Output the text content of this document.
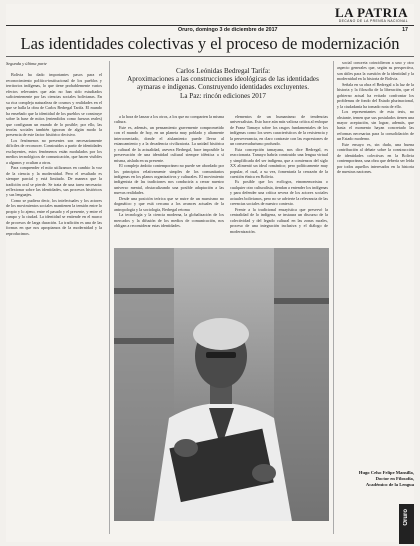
LA PATRIA
DECANO DE LA PRENSA NACIONAL
Oruro, domingo 3 de diciembre de 2017	17
Las identidades colectivas y el proceso de modernización

Segunda y última parte

Bolivia ha dado importantes pasos para el reconocimiento político-institucional de los pueblos y territorios indígenas, lo que tiene probablemente varios efectos relevantes que aún no han sido estudiados suficientemente por las ciencias sociales bolivianas. En su rica compleja naturaleza de cosmos y realidades en el que se halla la obra de Carlos Bedregal Tarifa. El mundo ha enseñado que la identidad de los pueblos se construye sobre la base de mitos (entendidos como fuerzas reales) que configuran un mundo de lo posible; por ello, las teorías sociales también ignoran de algún modo la presencia de este factor histórico decisivo.

Los fenómenos no presentes son necesariamente difíciles de reconocer. Construidos a partir de identidades excluyentes, estos fenómenos están modulados por los medios tecnológicos de comunicación, que hacen visibles a algunos y ocultan a otros.

Para comprender el mito utilizamos en cambio la voz de la ciencia y la modernidad. Pero el resultado es siempre parcial y está limitado. De manera que la tradición oral se pierde. Se trata de una tarea necesaria: reflexionar sobre las identidades, sus procesos históricos y sus lenguajes.

Como se pudiera decir, los intelectuales y los actores de los movimientos sociales mantienen la tensión entre lo propio y lo ajeno, entre el pasado y el presente, y entre el campo y la ciudad. La identidad se entiende en el marco de procesos de larga duración. La tradición es una de las formas en que nos apropiamos de la modernidad y la reproducimos.

Carlos Leónidas Bedregal Tarifa:
Aproximaciones a las construcciones ideológicas de las identidades
aymaras e indígenas. Construyendo identidades excluyentes.
La Paz: rincón ediciones 2017

a la hora de lanzar a los otros, a los que no comparten la misma cultura.

Este es, además, un pensamiento gravemente comprometido con el mundo de hoy, en un planeta muy poblado y altamente interconectado, donde el aislamiento puede llevar al estancamiento y a la decadencia civilizatoria. La unidad histórica y cultural de la actualidad, asevera Bedregal, hace imposible la preservación de una identidad cultural siempre idéntica a sí misma, aislada en su presente.

El complejo ámbito contemporáneo no puede ser abordado por los principios relativamente simples de los comunitarios indígenas en los planos organizativos y culturales. El movimiento indigenista de las tradiciones nos conduciría a cerrar nuestro universo mental, obstaculizando una posible adaptación a las nuevas realidades.

Desde una posición teórica que se nutre de un marxismo no dogmático y que está cercana a los avances actuales de la antropología y la sociología, Bedregal retoma

La tecnología y la ciencia moderna, la globalización de los mercados y la difusión de los medios de comunicación, nos obligan a reconsiderar estas identidades.

elementos de un humanismo de tendencias universalistas. Esto hace aún más valiosa crítica al enfoque de Franz Tamayo sobre los rasgos fundamentales de los indígenas como los seres característicos de la resistencia y la perseverancia, en claro contraste con las expresiones de un conservadurismo profundo.

Esta concepción tamayana, nos dice Bedregal, es reaccionaria. Tamayo habría construido una lengua virtual y simplificada del ser indígena, que a comienzos del siglo XX alimentó un ideal romántico; pero políticamente muy popular, el cual, a su vez, fomentaría la cerrazón de la cuestión étnica en Bolivia.

Es posible que los ecólogos, etnomemoristas o cualquier otro culturalista, tiendan a entender los indígenas y para defender una crítica severa de los actores sociales actuales bolivianos, pero no se advierte la relevancia de las creencias sociales de nuestro contexto.

Frente a la tradicional ensayística que preservó la centralidad de lo indígena, se instaura un discurso de la colectividad y del legado cultural en las zonas rurales, proceso de una integración inclusiva y el diálogo de modernización.

social concreta coincidieron a uno y otro aspecto generales que, según su perspectiva, son útiles para la cuestión de la identidad y la modernidad en la historia de Bolivia.

Señala en su obra el Bedregal a la luz de la historia y la filosofía de la liberación, que el gobierno actual ha evitado confrontar los problemas de fondo del Estado plurinacional, y la ciudadanía ha tomado nota de ello.

Los representantes de esta tesis, no obstante, temen que sus postulados tienen una mayor aceptación, sin lograr, además, que hasta el momento hayan concretado las reformas necesarias para la consolidación de un Estado moderno.

Este ensayo es, sin duda, una buena contribución al debate sobre la construcción de identidades colectivas en la Bolivia contemporánea, una obra que debería ser leída por todos aquellos interesados en la historia de nuestras naciones.

Hugo Celso Felipe Mansilla,
Doctor en Filosofía,
Académico de la Lengua
Oruro
